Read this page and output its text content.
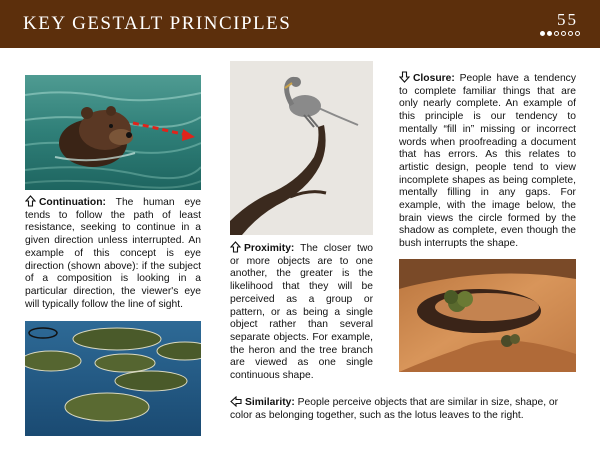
KEY GESTALT PRINCIPLES	55

Continuation: The human eye tends to follow the path of least resistance, seeking to continue in a given direction unless interrupted. An example of this concept is eye direction (shown above): if the subject of a composition is looking in a particular direction, the viewer's eye will typically follow the line of sight.

Proximity: The closer two or more objects are to one another, the greater is the likelihood that they will be perceived as a group or pattern, or as being a single object rather than several separate objects. For example, the heron and the tree branch are viewed as one single continuous shape.

Closure: People have a tendency to complete familiar things that are only nearly complete. An example of this principle is our tendency to mentally “fill in” missing or incorrect words when proofreading a document that has errors. As this relates to artistic design, people tend to view incomplete shapes as being complete, mentally filling in any gaps. For example, with the image below, the brain views the circle formed by the shadow as complete, even though the bush interrupts the shape.

Similarity: People perceive objects that are similar in size, shape, or color as belonging together, such as the lotus leaves to the right.
